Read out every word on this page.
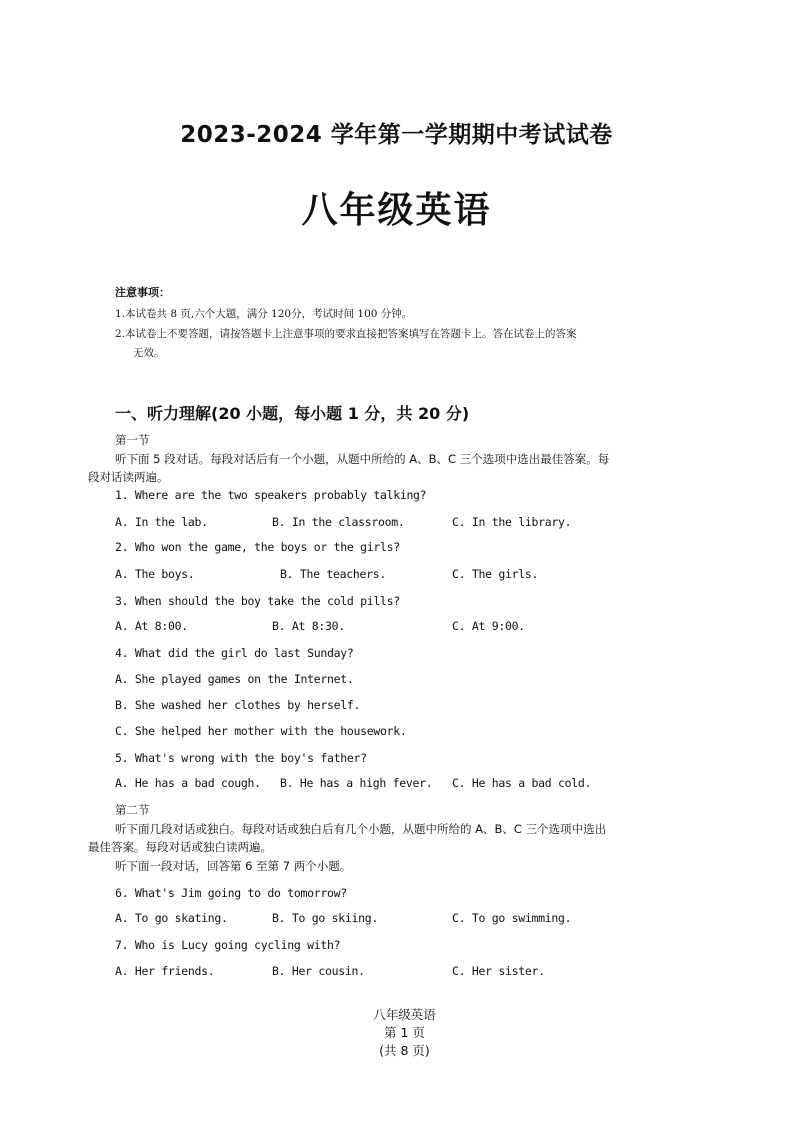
2023-2024 学年第一学期期中考试试卷
八年级英语
注意事项：
1.本试卷共 8 页,六个大题，满分 120分，考试时间 100 分钟。
2.本试卷上不要答题，请按答题卡上注意事项的要求直接把答案填写在答题卡上。答在试卷上的答案
无效。
一、听力理解(20 小题，每小题 1 分，共 20 分)
第一节
听下面 5 段对话。每段对话后有一个小题，从题中所给的 A、B、C 三个选项中选出最佳答案。每
段对话读两遍。
1. Where are the two speakers probably talking?
A. In the lab.	B. In the classroom.	C. In the library.
2. Who won the game, the boys or the girls?
A. The boys.	B. The teachers.	C. The girls.
3. When should the boy take the cold pills?
A. At 8:00.	B. At 8:30.	C. At 9:00.
4. What did the girl do last Sunday?
A. She played games on the Internet.
B. She washed her clothes by herself.
C. She helped her mother with the housework.
5. What's wrong with the boy's father?
A. He has a bad cough. B. He has a high fever. C. He has a bad cold.
第二节
听下面几段对话或独白。每段对话或独白后有几个小题，从题中所给的 A、B、C 三个选项中选出
最佳答案。每段对话或独白读两遍。
听下面一段对话，回答第 6 至第 7 两个小题。
6. What's Jim going to do tomorrow?
A. To go skating.	B. To go skiing.	C. To go swimming.
7. Who is Lucy going cycling with?
A. Her friends.	B. Her cousin.	C. Her sister.

八年级英语
第 1 页
(共 8 页)
